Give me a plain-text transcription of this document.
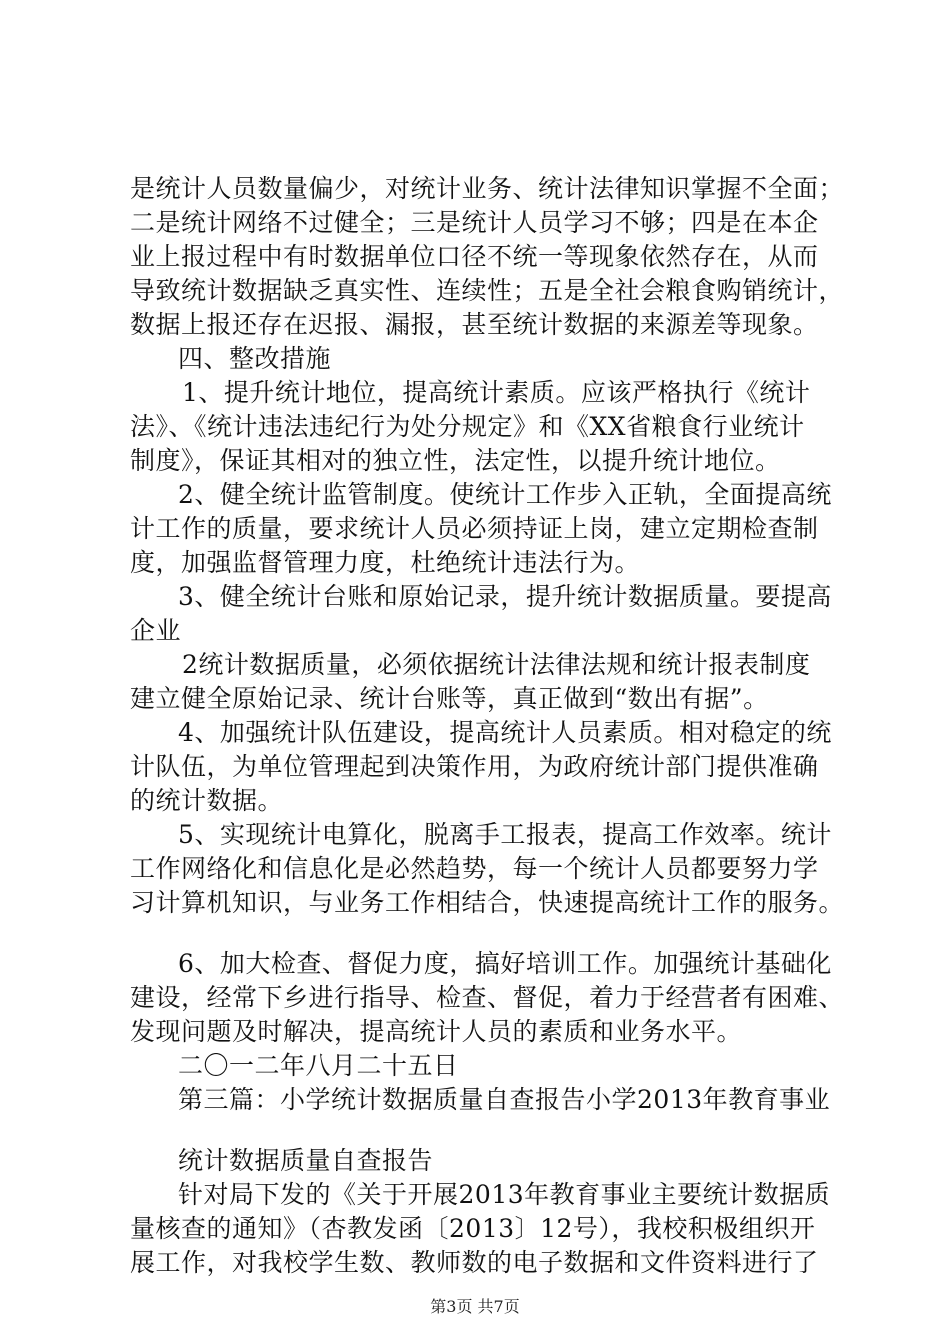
是统计人员数量偏少，对统计业务、统计法律知识掌握不全面；
二是统计网络不过健全；三是统计人员学习不够；四是在本企
业上报过程中有时数据单位口径不统一等现象依然存在，从而
导致统计数据缺乏真实性、连续性；五是全社会粮食购销统计，
数据上报还存在迟报、漏报，甚至统计数据的来源差等现象。
四、整改措施
1、提升统计地位，提高统计素质。应该严格执行《统计
法》、《统计违法违纪行为处分规定》和《XX省粮食行业统计
制度》，保证其相对的独立性，法定性，以提升统计地位。
2、健全统计监管制度。使统计工作步入正轨，全面提高统
计工作的质量，要求统计人员必须持证上岗，建立定期检查制
度，加强监督管理力度，杜绝统计违法行为。
3、健全统计台账和原始记录，提升统计数据质量。要提高
企业
2统计数据质量，必须依据统计法律法规和统计报表制度
建立健全原始记录、统计台账等，真正做到“数出有据”。
4、加强统计队伍建设，提高统计人员素质。相对稳定的统
计队伍，为单位管理起到决策作用，为政府统计部门提供准确
的统计数据。
5、实现统计电算化，脱离手工报表，提高工作效率。统计
工作网络化和信息化是必然趋势，每一个统计人员都要努力学
习计算机知识，与业务工作相结合，快速提高统计工作的服务。
6、加大检查、督促力度，搞好培训工作。加强统计基础化
建设，经常下乡进行指导、检查、督促，着力于经营者有困难、
发现问题及时解决，提高统计人员的素质和业务水平。
二〇一二年八月二十五日
第三篇：小学统计数据质量自查报告小学2013年教育事业
统计数据质量自查报告
针对局下发的《关于开展2013年教育事业主要统计数据质
量核查的通知》（杏教发函〔2013〕12号），我校积极组织开
展工作，对我校学生数、教师数的电子数据和文件资料进行了
第3页 共7页
